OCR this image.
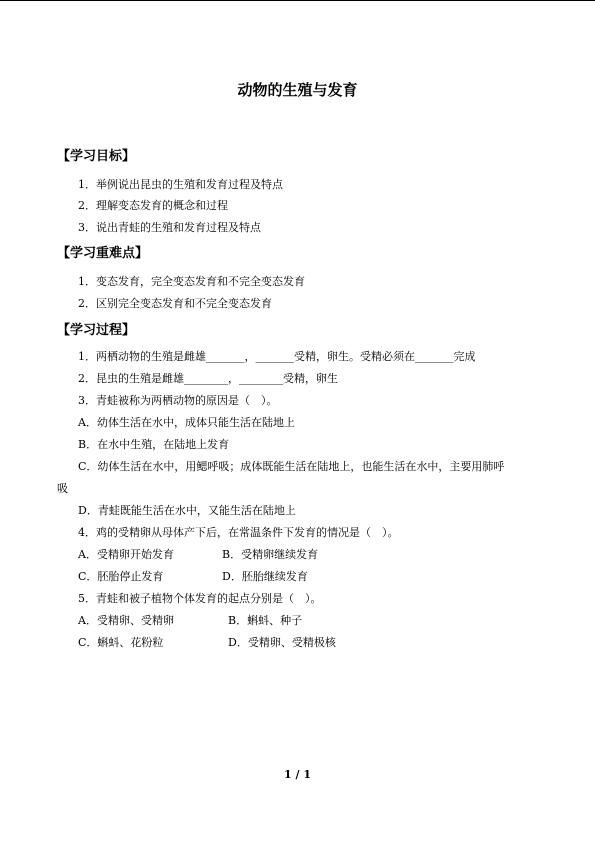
动物的生殖与发育
【学习目标】
1．举例说出昆虫的生殖和发育过程及特点
2．理解变态发育的概念和过程
3．说出青蛙的生殖和发育过程及特点
【学习重难点】
1．变态发育，完全变态发育和不完全变态发育
2．区别完全变态发育和不完全变态发育
【学习过程】
1．两栖动物的生殖是雌雄_______，_______受精，卵生。受精必须在_______完成
2．昆虫的生殖是雌雄________，________受精，卵生
3．青蛙被称为两栖动物的原因是（　）。
A．幼体生活在水中，成体只能生活在陆地上
B．在水中生殖，在陆地上发育
C．幼体生活在水中，用鳃呼吸；成体既能生活在陆地上，也能生活在水中，主要用肺呼
吸
D．青蛙既能生活在水中，又能生活在陆地上
4．鸡的受精卵从母体产下后，在常温条件下发育的情况是（　）。
A．受精卵开始发育	B．受精卵继续发育
C．胚胎停止发育	D．胚胎继续发育
5．青蛙和被子植物个体发育的起点分别是（　）。
A．受精卵、受精卵	B．蝌蚪、种子
C．蝌蚪、花粉粒	D．受精卵、受精极核
1 / 1
